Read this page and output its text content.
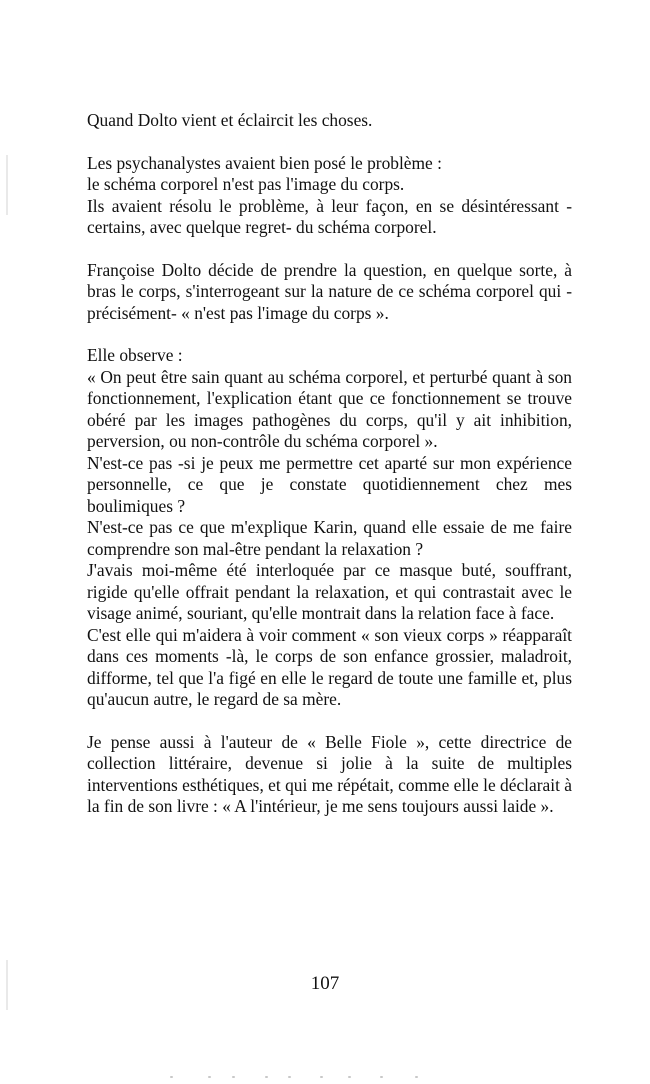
Quand Dolto vient et éclaircit les choses.

Les psychanalystes avaient bien posé le problème :

le schéma corporel n'est pas l'image du corps.

Ils avaient résolu le problème, à leur façon, en se désintéressant -certains, avec quelque regret- du schéma corporel.

Françoise Dolto décide de prendre la question, en quelque sorte, à bras le corps, s'interrogeant sur la nature de ce schéma corporel qui -précisément- « n'est pas l'image du corps ».

Elle observe :

« On peut être sain quant au schéma corporel, et perturbé quant à son fonctionnement, l'explication étant que ce fonctionnement se trouve obéré par les images pathogènes du corps, qu'il y ait inhibition, perversion, ou non-contrôle du schéma corporel ».

N'est-ce pas -si je peux me permettre cet aparté sur mon expérience personnelle, ce que je constate quotidiennement chez mes boulimiques ?

N'est-ce pas ce que m'explique Karin, quand elle essaie de me faire comprendre son mal-être pendant la relaxation ?

J'avais moi-même été interloquée par ce masque buté, souffrant, rigide qu'elle offrait pendant la relaxation, et qui contrastait avec le visage animé, souriant, qu'elle montrait dans la relation face à face.

C'est elle qui m'aidera à voir comment « son vieux corps » réapparaît dans ces moments -là, le corps de son enfance grossier, maladroit, difforme, tel que l'a figé en elle le regard de toute une famille et, plus qu'aucun autre, le regard de sa mère.

Je pense aussi à l'auteur de « Belle Fiole », cette directrice de collection littéraire, devenue si jolie à la suite de multiples interventions esthétiques, et qui me répétait, comme elle le déclarait à la fin de son livre : « A l'intérieur, je me sens toujours aussi laide ».

107
